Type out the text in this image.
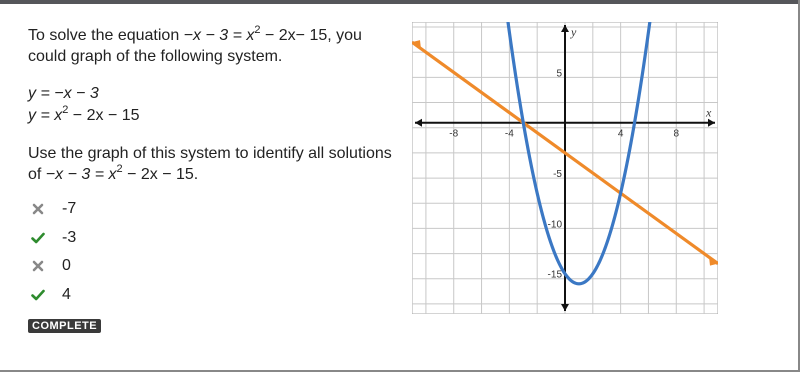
To solve the equation $-x - 3 = x^2 - 2x- 15$, you could graph of the following system.

y = −x − 3
$y = x^2 - 2x - 15$

Use the graph of this system to identify all solutions of $-x - 3 = x^2 - 2x - 15$.

-7
-3
0
4
COMPLETE
-8	-4	4	8
5
-5
-10
-15
x
y
